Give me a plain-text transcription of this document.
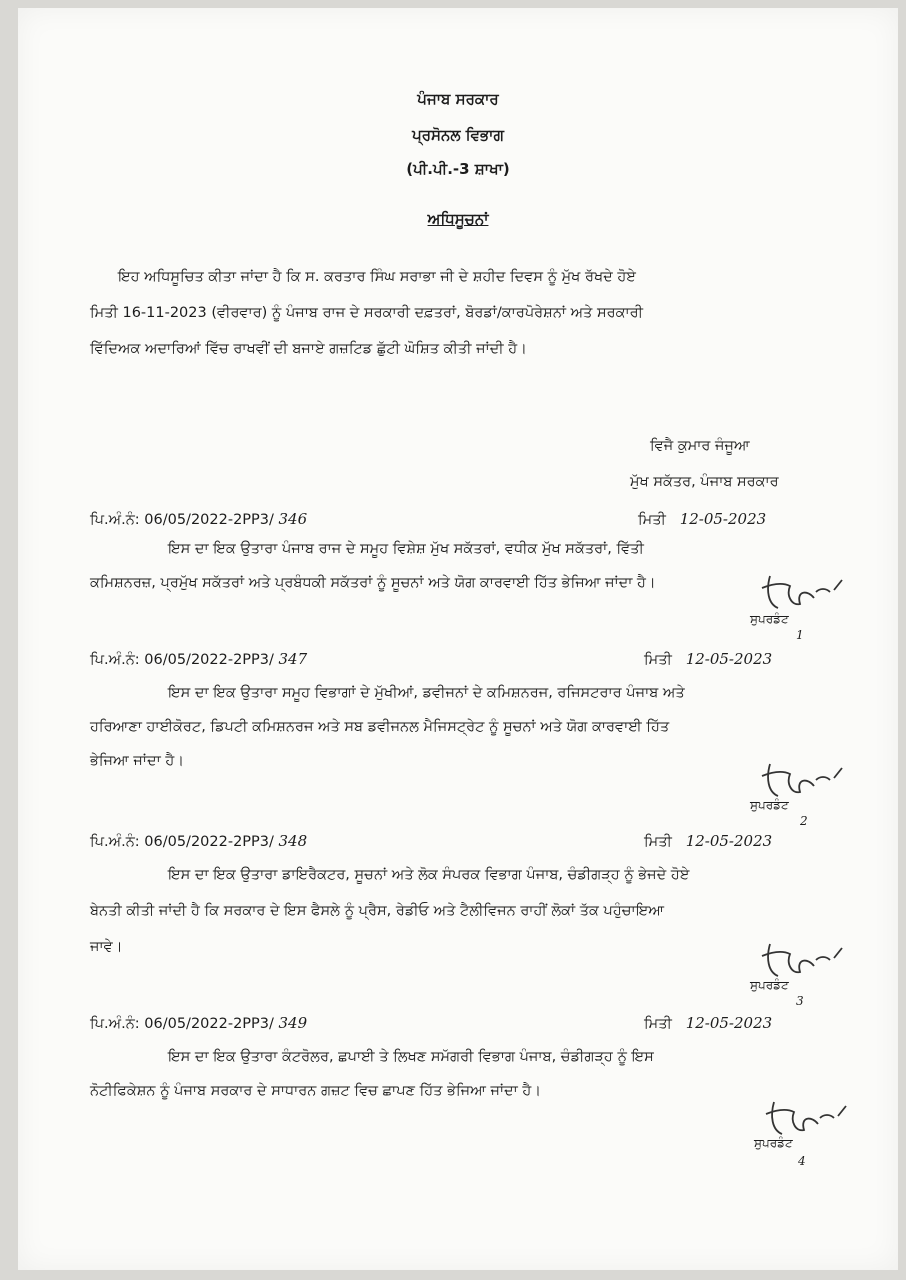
ਪੰਜਾਬ ਸਰਕਾਰ
ਪ੍ਰਸੋਨਲ ਵਿਭਾਗ
(ਪੀ.ਪੀ.-3 ਸ਼ਾਖਾ)
ਅਧਿਸੂਚਨਾਂ
ਇਹ ਅਧਿਸੂਚਿਤ ਕੀਤਾ ਜਾਂਦਾ ਹੈ ਕਿ ਸ. ਕਰਤਾਰ ਸਿੰਘ ਸਰਾਭਾ ਜੀ ਦੇ ਸ਼ਹੀਦ ਦਿਵਸ ਨੂੰ ਮੁੱਖ ਰੱਖਦੇ ਹੋਏ
ਮਿਤੀ 16-11-2023 (ਵੀਰਵਾਰ) ਨੂੰ ਪੰਜਾਬ ਰਾਜ ਦੇ ਸਰਕਾਰੀ ਦਫ਼ਤਰਾਂ, ਬੋਰਡਾਂ/ਕਾਰਪੋਰੇਸ਼ਨਾਂ ਅਤੇ ਸਰਕਾਰੀ
ਵਿੱਦਿਅਕ ਅਦਾਰਿਆਂ ਵਿੱਚ ਰਾਖਵੀਂ ਦੀ ਬਜਾਏ ਗਜ਼ਟਿਡ ਛੁੱਟੀ ਘੋਸ਼ਿਤ ਕੀਤੀ ਜਾਂਦੀ ਹੈ।
ਵਿਜੈ ਕੁਮਾਰ ਜੰਜੂਆ
ਮੁੱਖ ਸਕੱਤਰ, ਪੰਜਾਬ ਸਰਕਾਰ
ਪਿ.ਅੰ.ਨੰ: 06/05/2022-2PP3/ 346	ਮਿਤੀ 12-05-2023
ਇਸ ਦਾ ਇਕ ਉਤਾਰਾ ਪੰਜਾਬ ਰਾਜ ਦੇ ਸਮੂਹ ਵਿਸ਼ੇਸ਼ ਮੁੱਖ ਸਕੱਤਰਾਂ, ਵਧੀਕ ਮੁੱਖ ਸਕੱਤਰਾਂ, ਵਿੱਤੀ
ਕਮਿਸ਼ਨਰਜ਼, ਪ੍ਰਮੁੱਖ ਸਕੱਤਰਾਂ ਅਤੇ ਪ੍ਰਬੰਧਕੀ ਸਕੱਤਰਾਂ ਨੂੰ ਸੂਚਨਾਂ ਅਤੇ ਯੋਗ ਕਾਰਵਾਈ ਹਿੱਤ ਭੇਜਿਆ ਜਾਂਦਾ ਹੈ।
ਸੁਪਰਡੰਟ
1
ਪਿ.ਅੰ.ਨੰ: 06/05/2022-2PP3/ 347	ਮਿਤੀ 12-05-2023
ਇਸ ਦਾ ਇਕ ਉਤਾਰਾ ਸਮੂਹ ਵਿਭਾਗਾਂ ਦੇ ਮੁੱਖੀਆਂ, ਡਵੀਜਨਾਂ ਦੇ ਕਮਿਸ਼ਨਰਜ, ਰਜਿਸਟਰਾਰ ਪੰਜਾਬ ਅਤੇ
ਹਰਿਆਣਾ ਹਾਈਕੋਰਟ, ਡਿਪਟੀ ਕਮਿਸ਼ਨਰਜ ਅਤੇ ਸਬ ਡਵੀਜਨਲ ਮੈਜਿਸਟ੍ਰੇਟ ਨੂੰ ਸੂਚਨਾਂ ਅਤੇ ਯੋਗ ਕਾਰਵਾਈ ਹਿੱਤ
ਭੇਜਿਆ ਜਾਂਦਾ ਹੈ।
ਸੁਪਰਡੰਟ
2
ਪਿ.ਅੰ.ਨੰ: 06/05/2022-2PP3/ 348	ਮਿਤੀ 12-05-2023
ਇਸ ਦਾ ਇਕ ਉਤਾਰਾ ਡਾਇਰੈਕਟਰ, ਸੂਚਨਾਂ ਅਤੇ ਲੋਕ ਸੰਪਰਕ ਵਿਭਾਗ ਪੰਜਾਬ, ਚੰਡੀਗੜ੍ਹ ਨੂੰ ਭੇਜਦੇ ਹੋਏ
ਬੇਨਤੀ ਕੀਤੀ ਜਾਂਦੀ ਹੈ ਕਿ ਸਰਕਾਰ ਦੇ ਇਸ ਫੈਸਲੇ ਨੂੰ ਪ੍ਰੈਸ, ਰੇਡੀਓ ਅਤੇ ਟੈਲੀਵਿਜਨ ਰਾਹੀਂ ਲੋਕਾਂ ਤੱਕ ਪਹੁੰਚਾਇਆ
ਜਾਵੇ।
ਸੁਪਰਡੰਟ
3
ਪਿ.ਅੰ.ਨੰ: 06/05/2022-2PP3/ 349	ਮਿਤੀ 12-05-2023
ਇਸ ਦਾ ਇਕ ਉਤਾਰਾ ਕੰਟਰੋਲਰ, ਛਪਾਈ ਤੇ ਲਿਖਣ ਸਮੱਗਰੀ ਵਿਭਾਗ ਪੰਜਾਬ, ਚੰਡੀਗੜ੍ਹ ਨੂੰ ਇਸ
ਨੋਟੀਫਿਕੇਸ਼ਨ ਨੂੰ ਪੰਜਾਬ ਸਰਕਾਰ ਦੇ ਸਾਧਾਰਨ ਗਜ਼ਟ ਵਿਚ ਛਾਪਣ ਹਿੱਤ ਭੇਜਿਆ ਜਾਂਦਾ ਹੈ।
ਸੁਪਰਡੰਟ
4
